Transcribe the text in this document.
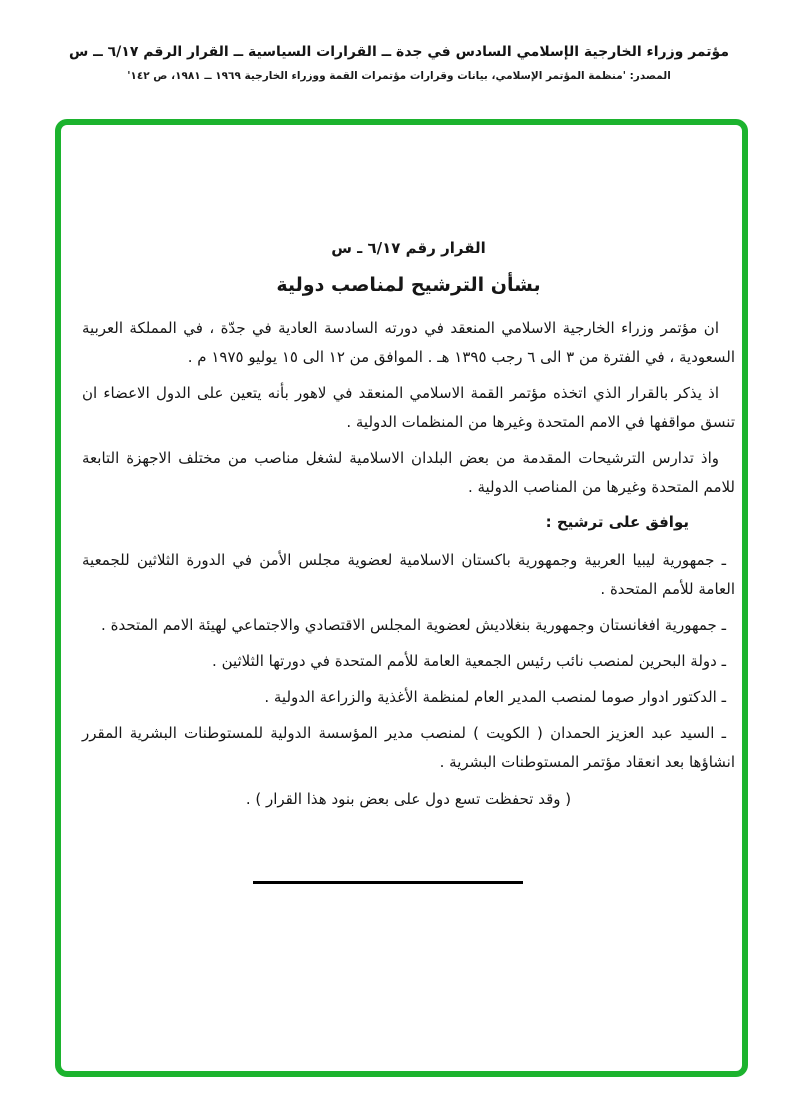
مؤتمر وزراء الخارجية الإسلامي السادس في جدة ــ القرارات السياسية ــ القرار الرقم ٦/١٧ ــ س
المصدر: 'منظمة المؤتمر الإسلامي، بيانات وقرارات مؤتمرات القمة ووزراء الخارجية ١٩٦٩ ــ ١٩٨١، ص ١٤٢'
القرار رقم ٦/١٧ ـ س
بشأن الترشيح لمناصب دولية

ان مؤتمر وزراء الخارجية الاسلامي المنعقد في دورته السادسة العادية في جدّة ، في المملكة العربية السعودية ، في الفترة من ٣ الى ٦ رجب ١٣٩٥ هـ . الموافق من ١٢ الى ١٥ يوليو ١٩٧٥ م .

اذ يذكر بالقرار الذي اتخذه مؤتمر القمة الاسلامي المنعقد في لاهور بأنه يتعين على الدول الاعضاء ان تنسق مواقفها في الامم المتحدة وغيرها من المنظمات الدولية .

واذ تدارس الترشيحات المقدمة من بعض البلدان الاسلامية لشغل مناصب من مختلف الاجهزة التابعة للامم المتحدة وغيرها من المناصب الدولية .

يوافق على ترشيح :

ـ جمهورية ليبيا العربية وجمهورية باكستان الاسلامية لعضوية مجلس الأمن في الدورة الثلاثين للجمعية العامة للأمم المتحدة .

ـ جمهورية افغانستان وجمهورية بنغلاديش لعضوية المجلس الاقتصادي والاجتماعي لهيئة الامم المتحدة .

ـ دولة البحرين لمنصب نائب رئيس الجمعية العامة للأمم المتحدة في دورتها الثلاثين .

ـ الدكتور ادوار صوما لمنصب المدير العام لمنظمة الأغذية والزراعة الدولية .

ـ السيد عبد العزيز الحمدان ( الكويت ) لمنصب مدير المؤسسة الدولية للمستوطنات البشرية المقرر انشاؤها بعد انعقاد مؤتمر المستوطنات البشرية .

( وقد تحفظت تسع دول على بعض بنود هذا القرار ) .
